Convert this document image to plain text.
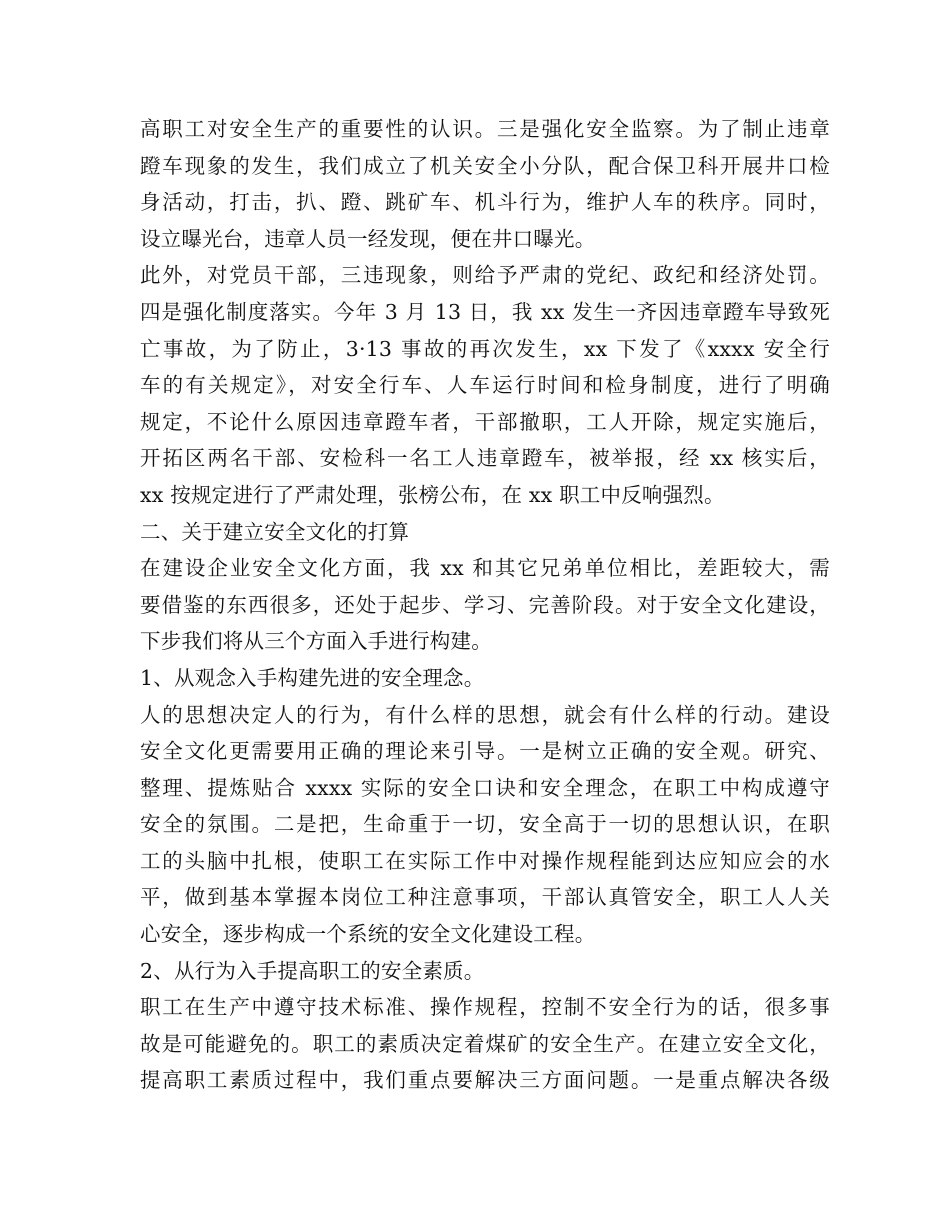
高职工对安全生产的重要性的认识。三是强化安全监察。为了制止违章
蹬车现象的发生，我们成立了机关安全小分队，配合保卫科开展井口检
身活动，打击，扒、蹬、跳矿车、机斗行为，维护人车的秩序。同时，
设立曝光台，违章人员一经发现，便在井口曝光。
此外，对党员干部，三违现象，则给予严肃的党纪、政纪和经济处罚。
四是强化制度落实。今年 3 月 13 日，我 xx 发生一齐因违章蹬车导致死
亡事故，为了防止，3·13 事故的再次发生，xx 下发了《xxxx 安全行
车的有关规定》，对安全行车、人车运行时间和检身制度，进行了明确
规定，不论什么原因违章蹬车者，干部撤职，工人开除，规定实施后，
开拓区两名干部、安检科一名工人违章蹬车，被举报，经 xx 核实后，
xx 按规定进行了严肃处理，张榜公布，在 xx 职工中反响强烈。
二、关于建立安全文化的打算
在建设企业安全文化方面，我 xx 和其它兄弟单位相比，差距较大，需
要借鉴的东西很多，还处于起步、学习、完善阶段。对于安全文化建设，
下步我们将从三个方面入手进行构建。
1、从观念入手构建先进的安全理念。
人的思想决定人的行为，有什么样的思想，就会有什么样的行动。建设
安全文化更需要用正确的理论来引导。一是树立正确的安全观。研究、
整理、提炼贴合 xxxx 实际的安全口诀和安全理念，在职工中构成遵守
安全的氛围。二是把，生命重于一切，安全高于一切的思想认识，在职
工的头脑中扎根，使职工在实际工作中对操作规程能到达应知应会的水
平，做到基本掌握本岗位工种注意事项，干部认真管安全，职工人人关
心安全，逐步构成一个系统的安全文化建设工程。
2、从行为入手提高职工的安全素质。
职工在生产中遵守技术标准、操作规程，控制不安全行为的话，很多事
故是可能避免的。职工的素质决定着煤矿的安全生产。在建立安全文化，
提高职工素质过程中，我们重点要解决三方面问题。一是重点解决各级
